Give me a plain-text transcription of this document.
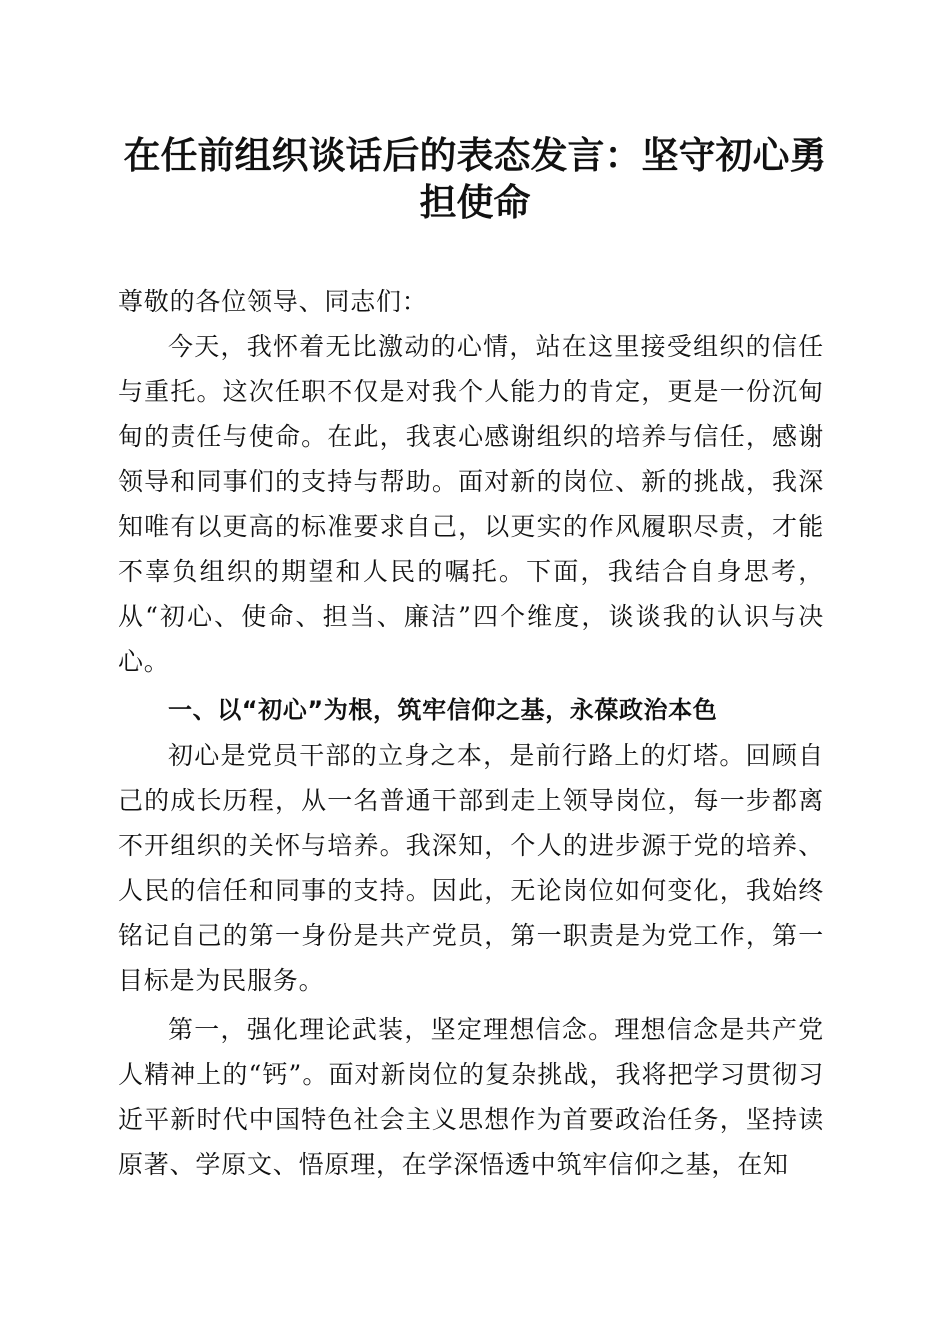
在任前组织谈话后的表态发言：坚守初心勇担使命

尊敬的各位领导、同志们：

今天，我怀着无比激动的心情，站在这里接受组织的信任与重托。这次任职不仅是对我个人能力的肯定，更是一份沉甸甸的责任与使命。在此，我衷心感谢组织的培养与信任，感谢领导和同事们的支持与帮助。面对新的岗位、新的挑战，我深知唯有以更高的标准要求自己，以更实的作风履职尽责，才能不辜负组织的期望和人民的嘱托。下面，我结合自身思考，从“初心、使命、担当、廉洁”四个维度，谈谈我的认识与决心。

一、以“初心”为根，筑牢信仰之基，永葆政治本色

初心是党员干部的立身之本，是前行路上的灯塔。回顾自己的成长历程，从一名普通干部到走上领导岗位，每一步都离不开组织的关怀与培养。我深知，个人的进步源于党的培养、人民的信任和同事的支持。因此，无论岗位如何变化，我始终铭记自己的第一身份是共产党员，第一职责是为党工作，第一目标是为民服务。

第一，强化理论武装，坚定理想信念。理想信念是共产党人精神上的“钙”。面对新岗位的复杂挑战，我将把学习贯彻习近平新时代中国特色社会主义思想作为首要政治任务，坚持读原著、学原文、悟原理，在学深悟透中筑牢信仰之基，在知
